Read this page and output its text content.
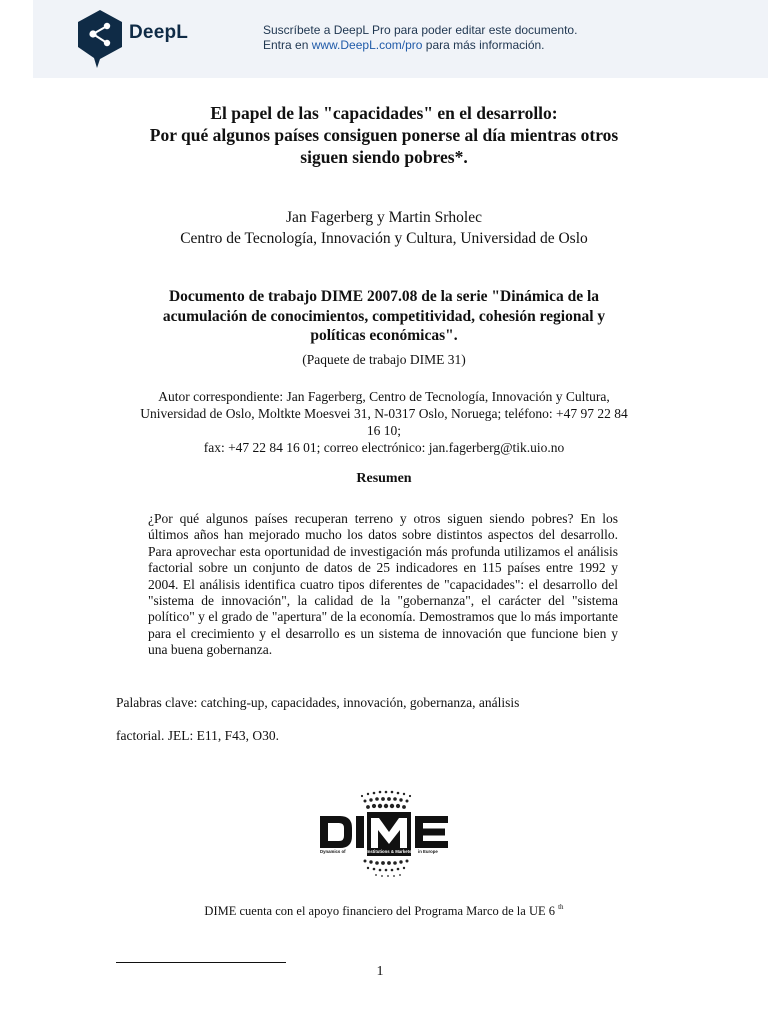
DeepL	Suscríbete a DeepL Pro para poder editar este documento.
Entra en www.DeepL.com/pro para más información.
El papel de las "capacidades" en el desarrollo:
Por qué algunos países consiguen ponerse al día mientras otros
siguen siendo pobres*.
Jan Fagerberg y Martin Srholec
Centro de Tecnología, Innovación y Cultura, Universidad de Oslo
Documento de trabajo DIME 2007.08 de la serie "Dinámica de la
acumulación de conocimientos, competitividad, cohesión regional y
políticas económicas".
(Paquete de trabajo DIME 31)
Autor correspondiente: Jan Fagerberg, Centro de Tecnología, Innovación y Cultura,
Universidad de Oslo, Moltkte Moesvei 31, N-0317 Oslo, Noruega; teléfono: +47 97 22 84
16 10;
fax: +47 22 84 16 01; correo electrónico: jan.fagerberg@tik.uio.no
Resumen
¿Por qué algunos países recuperan terreno y otros siguen siendo pobres? En los últimos años han mejorado mucho los datos sobre distintos aspectos del desarrollo. Para aprovechar esta oportunidad de investigación más profunda utilizamos el análisis factorial sobre un conjunto de datos de 25 indicadores en 115 países entre 1992 y 2004. El análisis identifica cuatro tipos diferentes de "capacidades": el desarrollo del "sistema de innovación", la calidad de la "gobernanza", el carácter del "sistema político" y el grado de "apertura" de la economía. Demostramos que lo más importante para el crecimiento y el desarrollo es un sistema de innovación que funcione bien y una buena gobernanza.
Palabras clave: catching-up, capacidades, innovación, gobernanza, análisis
factorial. JEL: E11, F43, O30.
Dynamics of	Institutions & Markets in Europe
DIME cuenta con el apoyo financiero del Programa Marco de la UE 6 $^{th}$
1
